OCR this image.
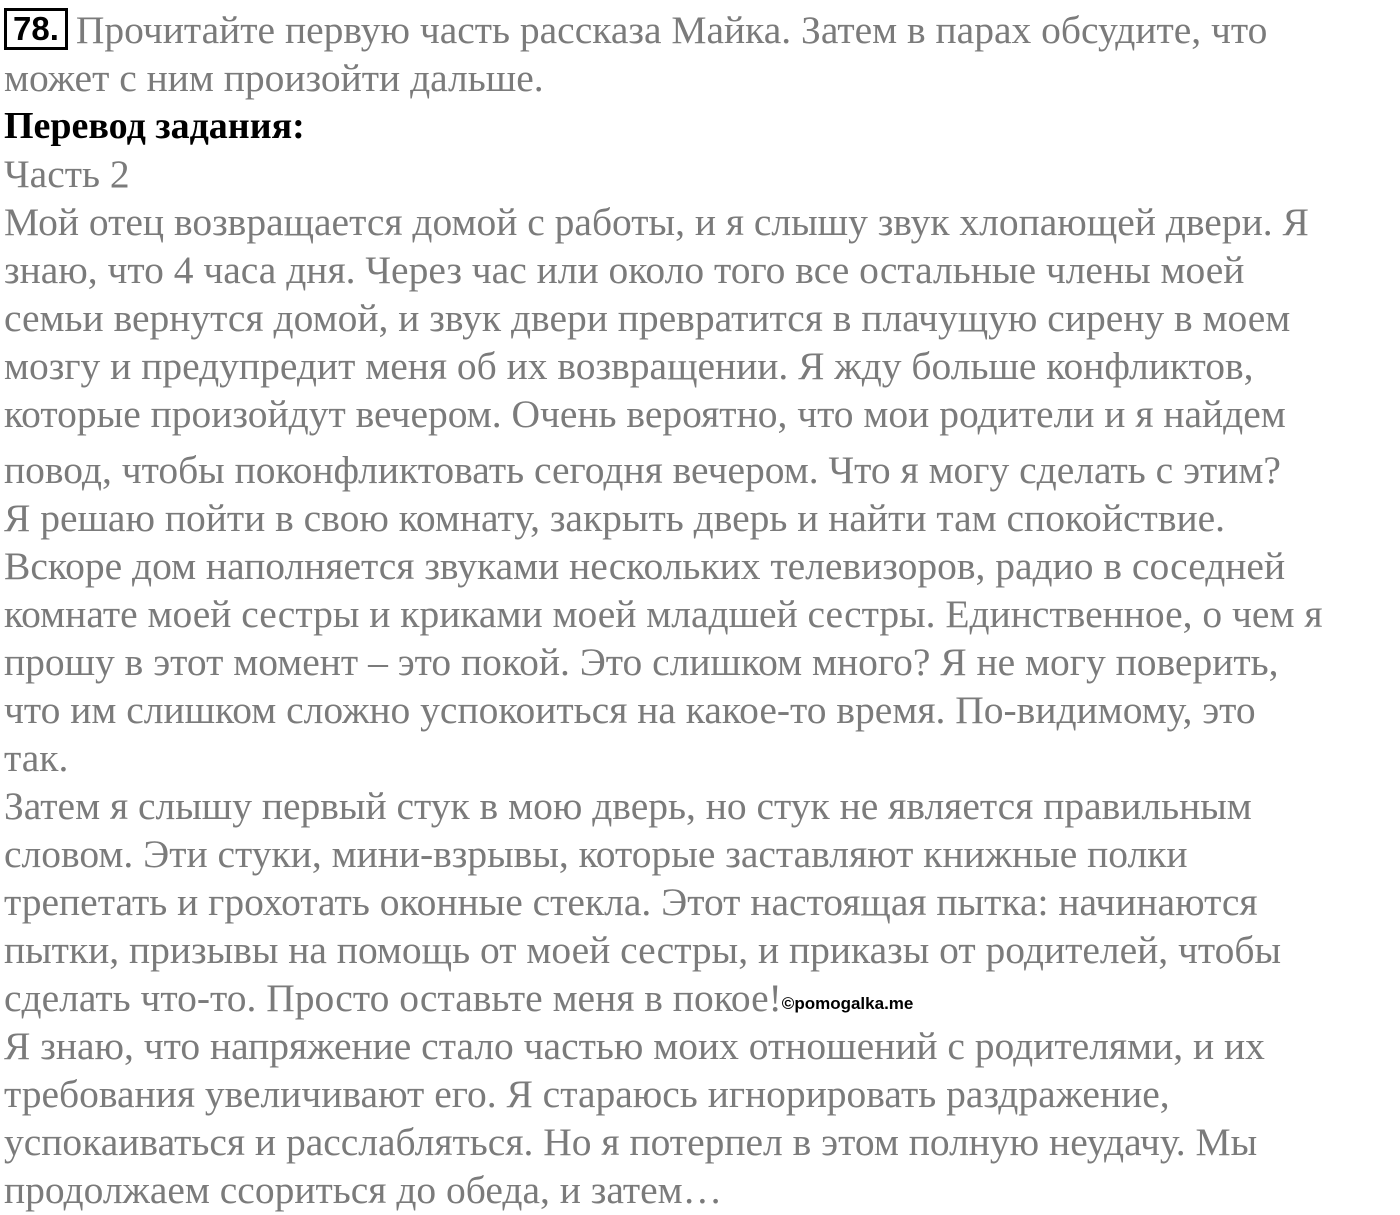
78. Прочитайте первую часть рассказа Майка. Затем в парах обсудите, что
может с ним произойти дальше.
Перевод задания:
Часть 2
Мой отец возвращается домой с работы, и я слышу звук хлопающей двери. Я
знаю, что 4 часа дня. Через час или около того все остальные члены моей
семьи вернутся домой, и звук двери превратится в плачущую сирену в моем
мозгу и предупредит меня об их возвращении. Я жду больше конфликтов,
которые произойдут вечером. Очень вероятно, что мои родители и я найдем
повод, чтобы поконфликтовать сегодня вечером. Что я могу сделать с этим?
Я решаю пойти в свою комнату, закрыть дверь и найти там спокойствие.
Вскоре дом наполняется звуками нескольких телевизоров, радио в соседней
комнате моей сестры и криками моей младшей сестры. Единственное, о чем я
прошу в этот момент – это покой. Это слишком много? Я не могу поверить,
что им слишком сложно успокоиться на какое-то время. По-видимому, это
так.
Затем я слышу первый стук в мою дверь, но стук не является правильным
словом. Эти стуки, мини-взрывы, которые заставляют книжные полки
трепетать и грохотать оконные стекла. Этот настоящая пытка: начинаются
пытки, призывы на помощь от моей сестры, и приказы от родителей, чтобы
сделать что-то. Просто оставьте меня в покое!©pomogalka.me
Я знаю, что напряжение стало частью моих отношений с родителями, и их
требования увеличивают его. Я стараюсь игнорировать раздражение,
успокаиваться и расслабляться. Но я потерпел в этом полную неудачу. Мы
продолжаем ссориться до обеда, и затем…
